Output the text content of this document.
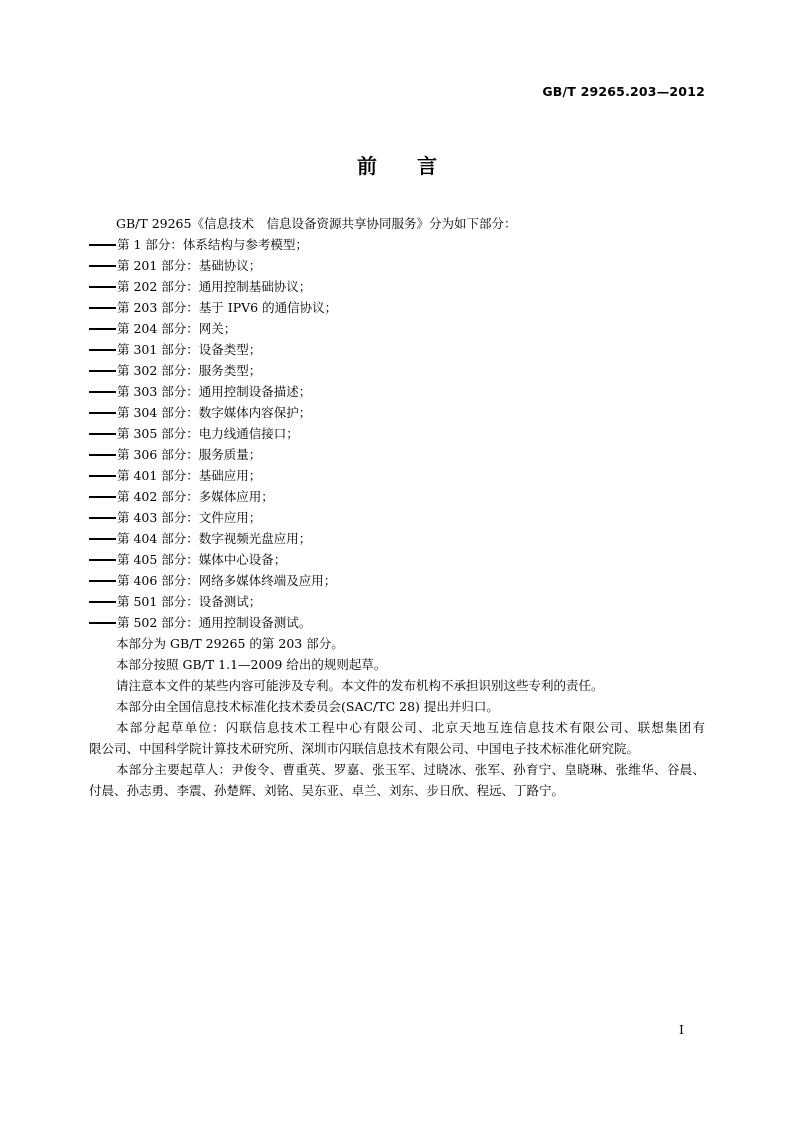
GB/T 29265.203—2012
前言
GB/T 29265《信息技术　信息设备资源共享协同服务》分为如下部分：
第 1 部分：体系结构与参考模型；
第 201 部分：基础协议；
第 202 部分：通用控制基础协议；
第 203 部分：基于 IPV6 的通信协议；
第 204 部分：网关；
第 301 部分：设备类型；
第 302 部分：服务类型；
第 303 部分：通用控制设备描述；
第 304 部分：数字媒体内容保护；
第 305 部分：电力线通信接口；
第 306 部分：服务质量；
第 401 部分：基础应用；
第 402 部分：多媒体应用；
第 403 部分：文件应用；
第 404 部分：数字视频光盘应用；
第 405 部分：媒体中心设备；
第 406 部分：网络多媒体终端及应用；
第 501 部分：设备测试；
第 502 部分：通用控制设备测试。
本部分为 GB/T 29265 的第 203 部分。
本部分按照 GB/T 1.1—2009 给出的规则起草。
请注意本文件的某些内容可能涉及专利。本文件的发布机构不承担识别这些专利的责任。
本部分由全国信息技术标准化技术委员会(SAC/TC 28) 提出并归口。
本部分起草单位：闪联信息技术工程中心有限公司、北京天地互连信息技术有限公司、联想集团有
限公司、中国科学院计算技术研究所、深圳市闪联信息技术有限公司、中国电子技术标准化研究院。
本部分主要起草人：尹俊令、曹重英、罗嘉、张玉军、过晓冰、张军、孙育宁、皇晓琳、张维华、谷晨、
付晨、孙志勇、李震、孙楚辉、刘铭、吴东亚、卓兰、刘东、步日欣、程远、丁路宁。
I
